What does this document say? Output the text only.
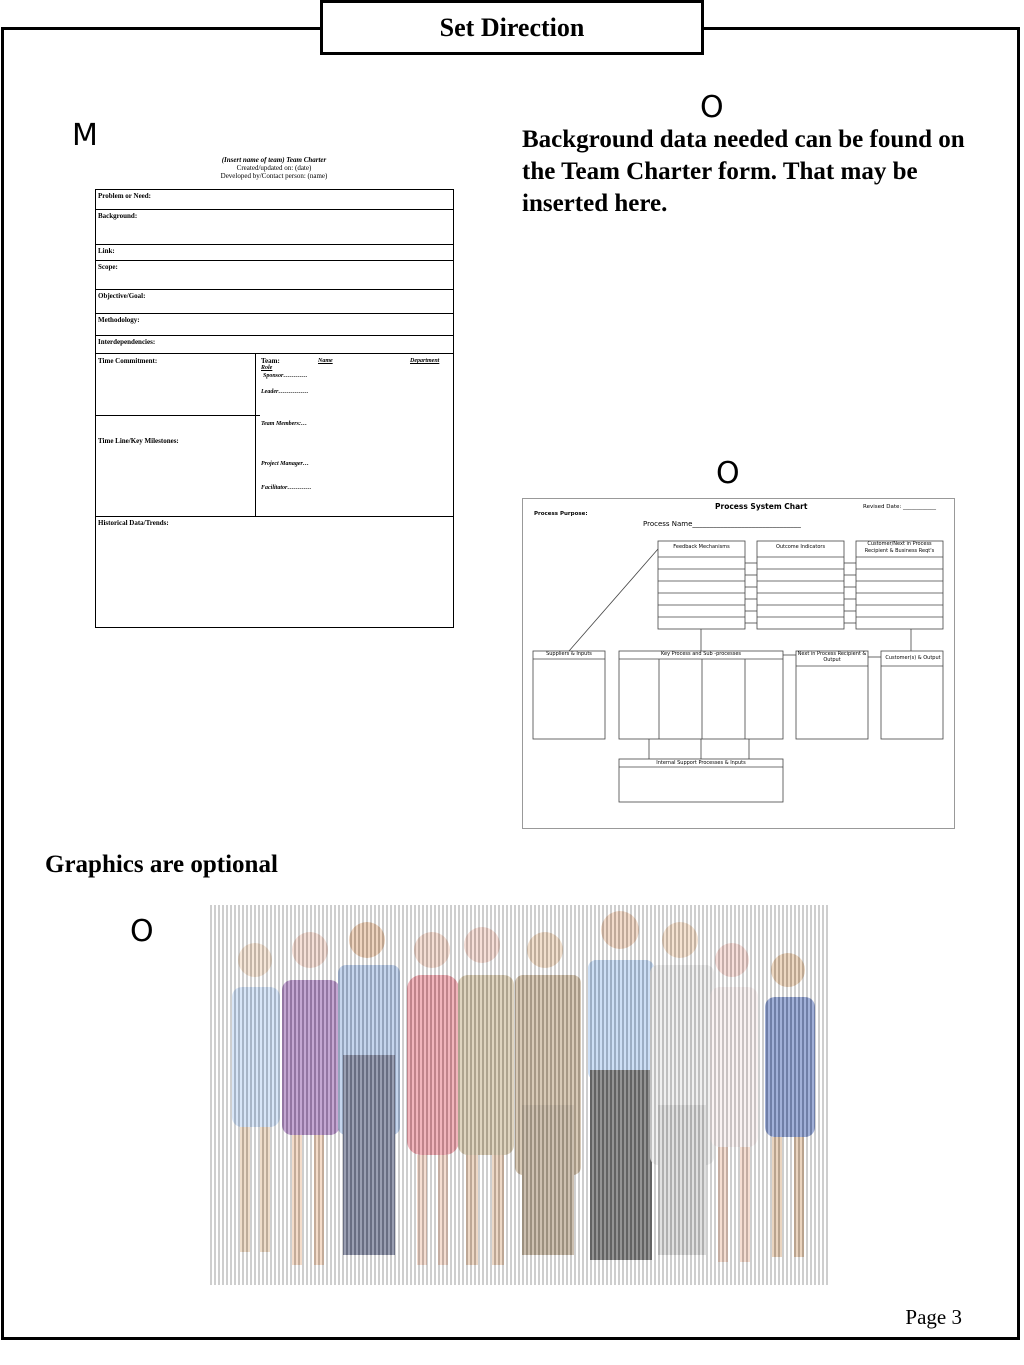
Set Direction
M
O
O
O
Background data needed can be found on the Team Charter form. That may be inserted here.
(Insert name of team) Team Charter
Created/updated on: (date)
Developed by/Contact person: (name)
Problem or Need:
Background:
Link:
Scope:
Objective/Goal:
Methodology:
Interdependencies:
Time Commitment:
Time Line/Key Milestones:
Team:	Name	Department
Role
Sponsor…………
Leader……………
Team Members:…
Project Manager…
Facilitator…………
Historical Data/Trends:
Process System Chart	Revised Date: ____________
Process Purpose:
Process Name_______________________________
Feedback Mechanisms	Outcome Indicators	Customer/Next in Process Recipient & Business Reqt's
Suppliers & Inputs	Key Process and Sub -processes	Next in Process Recipient & Output	Customer(s) & Output
Internal Support Processes & Inputs
Graphics are optional
Page 3
